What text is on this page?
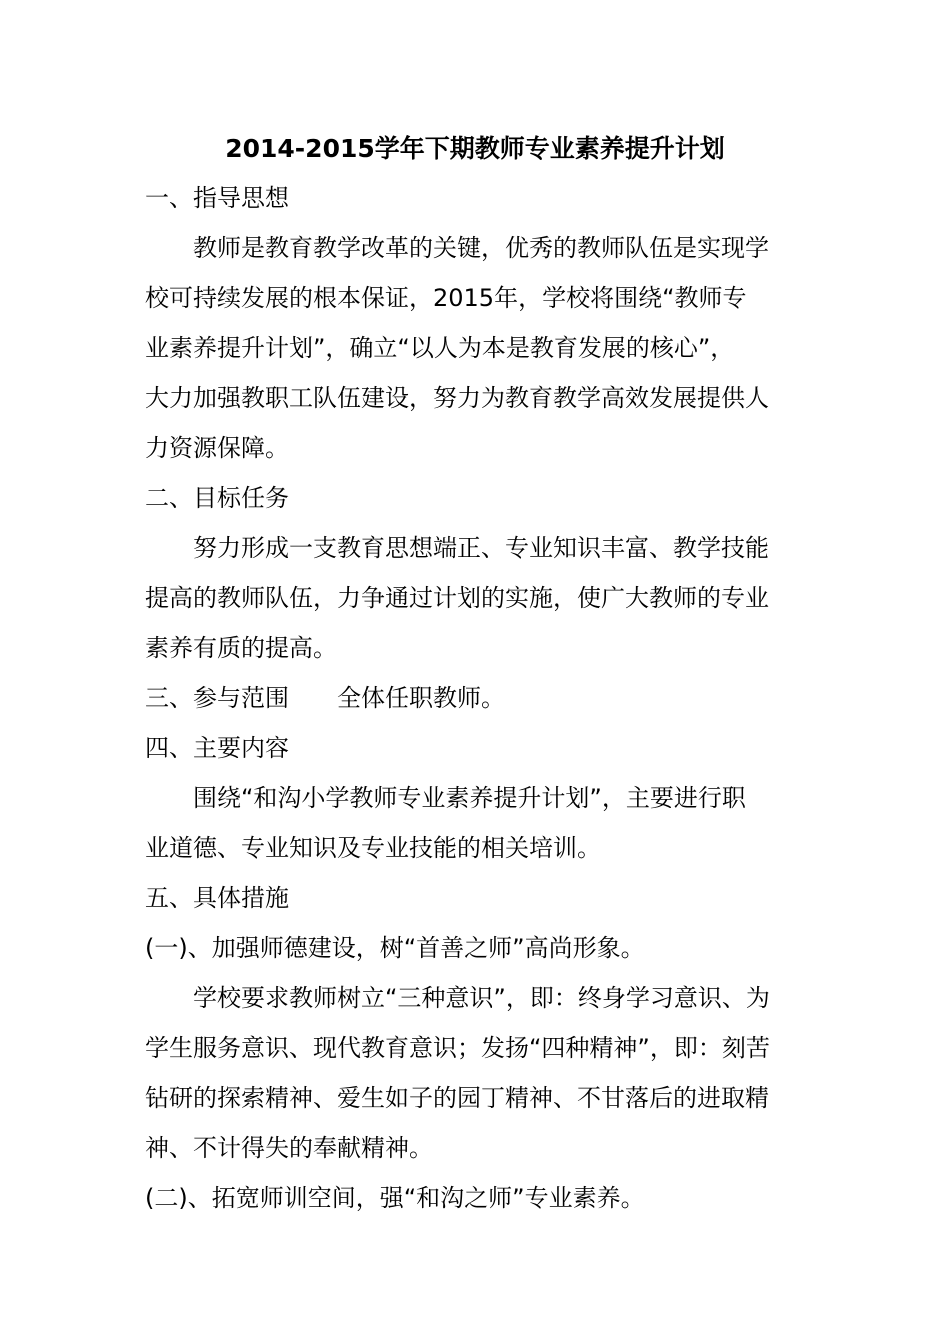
2014-2015学年下期教师专业素养提升计划
一、指导思想
　　教师是教育教学改革的关键，优秀的教师队伍是实现学
校可持续发展的根本保证，2015年，学校将围绕“教师专
业素养提升计划”，确立“以人为本是教育发展的核心”，
大力加强教职工队伍建设，努力为教育教学高效发展提供人
力资源保障。
二、目标任务
　　努力形成一支教育思想端正、专业知识丰富、教学技能
提高的教师队伍，力争通过计划的实施，使广大教师的专业
素养有质的提高。
三、参与范围　　全体任职教师。
四、主要内容
　　围绕“和沟小学教师专业素养提升计划”，主要进行职
业道德、专业知识及专业技能的相关培训。
五、具体措施
(一)、加强师德建设，树“首善之师”高尚形象。
　　学校要求教师树立“三种意识”，即：终身学习意识、为
学生服务意识、现代教育意识；发扬“四种精神”，即：刻苦
钻研的探索精神、爱生如子的园丁精神、不甘落后的进取精
神、不计得失的奉献精神。
(二)、拓宽师训空间，强“和沟之师”专业素养。
